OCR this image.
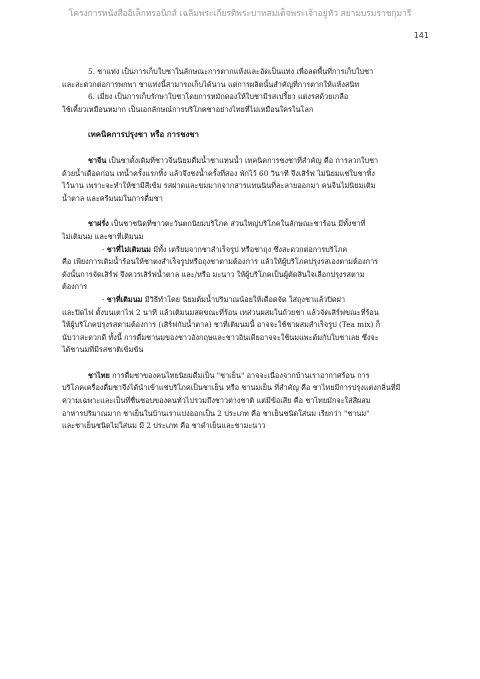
โครงการหนังสืออิเล็กทรอนิกส์ เฉลิมพระเกียรติพระบาทสมเด็จพระเจ้าอยู่หัว สยามบรมราชกุมารี
141

5. ชาแท่ง เป็นการเก็บใบชาในลักษณะการตากแห้งและอัดเป็นแท่ง เพื่อลดพื้นที่การเก็บใบชา

และสะดวกต่อการพกพา ชาแท่งนี้สามารถเก็บได้นาน แต่การผลิตนั้นสำคัญที่การตากให้แห้งสนิท

6. เมี่ยง เป็นการเก็บรักษาใบชาโดยการหมักดองให้ใบชามีรสเปรี้ยว แต่งรสด้วยเกลือ

ใช้เคี้ยวเหมือนหมาก เป็นเอกลักษณ์การบริโภคชาอย่างไทยที่ไม่เหมือนใครในโลก

เทคนิคการปรุงชา หรือ การชงชา

ชาจีน เป็นชาดั้งเดิมที่ชาวจีนนิยมดื่มน้ำชาแทนน้ำ เทคนิคการชงชาที่สำคัญ คือ การลวกใบชา

ด้วยน้ำเดือดก่อน เทน้ำครั้งแรกทิ้ง แล้วจึงชงน้ำครั้งที่สอง พักไว้ 60 วินาที จึงเสิร์ฟ ไม่นิยมแช่ใบชาทิ้ง

ไว้นาน เพราะจะทำให้ชามีสีเข้ม รสฝาดและขมมากจากสารแทนนินที่ละลายออกมา คนจีนไม่นิยมเติม

น้ำตาล และครีมนมในการดื่มชา

ชาฝรั่ง เป็นชาชนิดที่ชาวตะวันตกนิยมบริโภค ส่วนใหญ่บริโภคในลักษณะชาร้อน มีทั้งชาที่

ไม่เติมนม และชาที่เติมนม

- ชาที่ไม่เติมนม มีทั้ง เตรียมจากชาสำเร็จรูป หรือชาถุง ซึ่งสะดวกต่อการบริโภค

คือ เพียงการเติมน้ำร้อนให้ชาตงสำเร็จรูปหรือถุงชาตามต้องการ แล้วให้ผู้บริโภคปรุงรสเองตามต้องการ

ดังนั้นการจัดเสิร์ฟ จึงควรเสิร์ฟน้ำตาล และ/หรือ มะนาว ให้ผู้บริโภคเป็นผู้ตัดสินใจเลือกปรุงรสตาม

ต้องการ

- ชาที่เติมนม มีวิธีทำโดย นิยมต้มน้ำปริมาณน้อยให้เดือดจัด ใส่ถุงชาแล้วปิดฝา

และปิดไฟ ตั้งบนเตาไฟ 2 นาที แล้วเติมนมสดขณะที่ร้อน เทส่วนผสมในถ้วยชา แล้วจัดเสิร์ฟขณะที่ร้อน

ให้ผู้บริโภคปรุงรสตามต้องการ (เสิร์ฟกับน้ำตาล) ชาที่เติมนมนี้ อาจจะใช้ชาผสมสำเร็จรูป (Tea mix) ก็

นับว่าสะดวกดี ทั้งนี้ การดื่มชานมของชาวอังกฤษและชาวอินเดียอาจจะใช้นมแพะต้มกับใบชาเลย ซึ่งจะ

ได้ชานมที่มีรสชาติเข้มข้น

ชาไทย การดื่มชาของคนไทยนิยมดื่มเป็น "ชาเย็น" อาจจะเนื่องจากบ้านเราอากาศร้อน การ

บริโภคเครื่องดื่มชาจึงได้นำเข้าแช่บริโภคเป็นชาเย็น หรือ ชานมเย็น ที่สำคัญ คือ ชาไทยมีการปรุงแต่งกลิ่นที่มี

ความเฉพาะและเป็นที่ชื่นชอบของคนทั่วไปรวมถึงชาวต่างชาติ แต่มีข้อเสีย คือ ชาไทยมักจะใส่สีผสม

อาหารปริมาณมาก ชาเย็นในบ้านเราแบ่งออกเป็น 2 ประเภท คือ ชาเย็นชนิดใส่นม เรียกว่า "ชานม"

และชาเย็นชนิดไม่ใส่นม มี 2 ประเภท คือ ชาดำเย็นและชามะนาว
